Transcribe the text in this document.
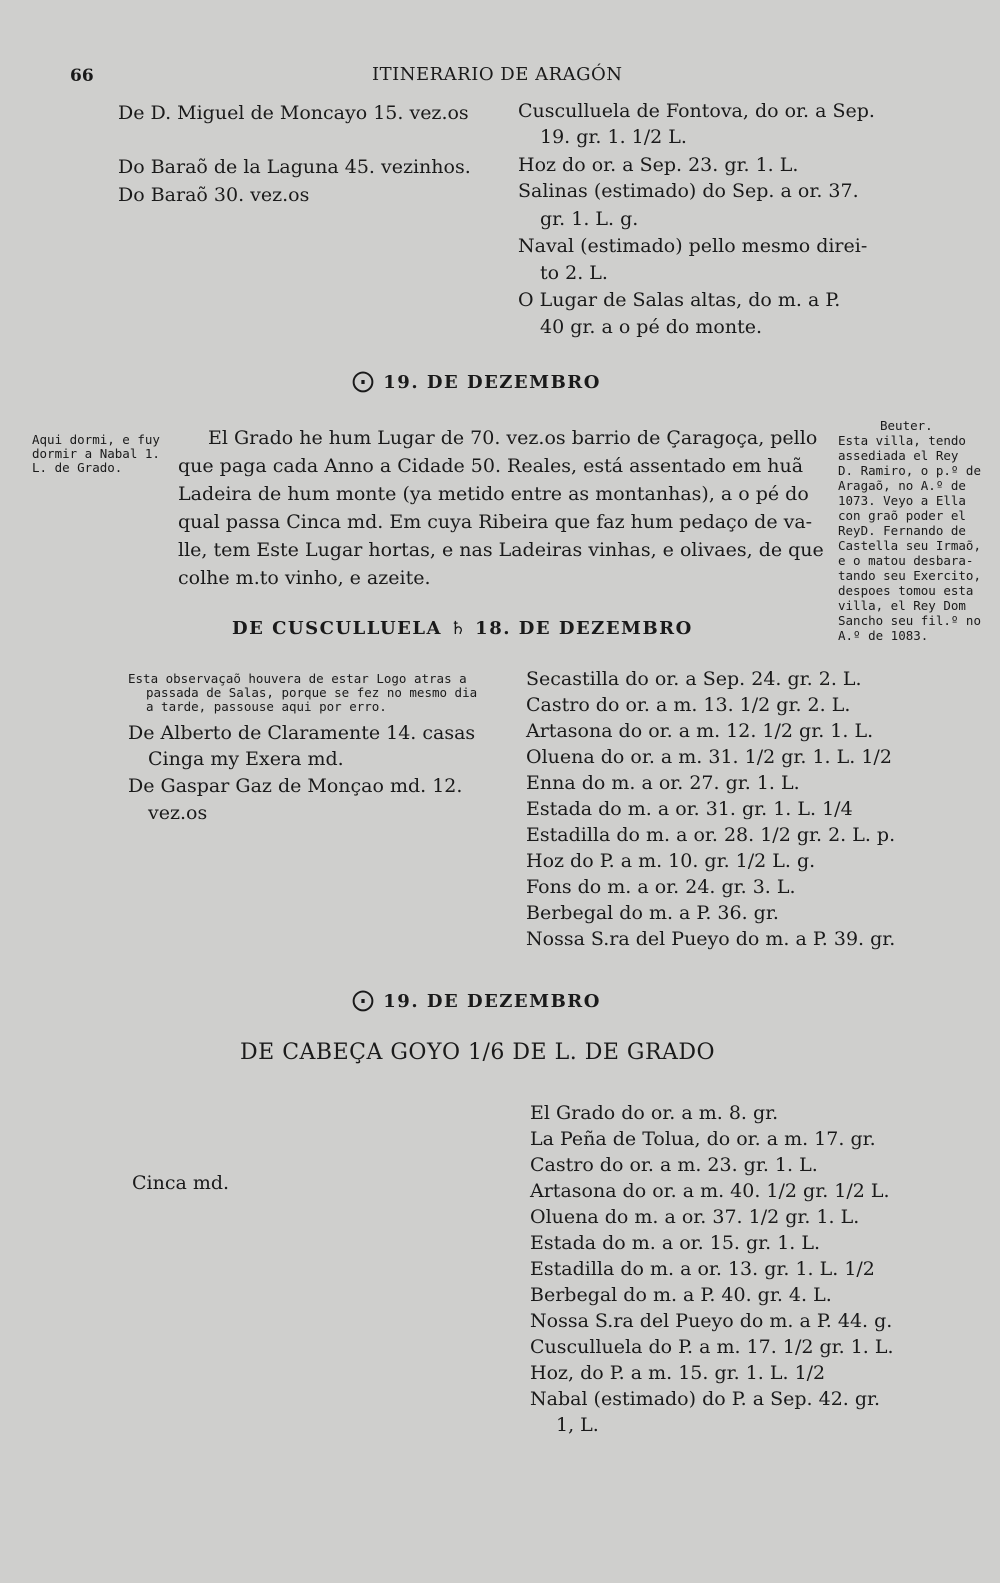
66	ITINERARIO DE ARAGÓN
De D. Miguel de Moncayo 15. vez.os
Do Baraõ de la Laguna 45. vezinhos.
Do Baraõ 30. vez.os
Cusculluela de Fontova, do or. a Sep.
19. gr. 1. 1/2 L.
Hoz do or. a Sep. 23. gr. 1. L.
Salinas (estimado) do Sep. a or. 37.
gr. 1. L. g.
Naval (estimado) pello mesmo direi-
to 2. L.
O Lugar de Salas altas, do m. a P.
40 gr. a o pé do monte.
⨀ 19. DE DEZEMBRO
Aqui dormi, e fuy
dormir a Nabal 1.
L. de Grado.
El Grado he hum Lugar de 70. vez.os barrio de Çaragoça, pello
que paga cada Anno a Cidade 50. Reales, está assentado em huã
Ladeira de hum monte (ya metido entre as montanhas), a o pé do
qual passa Cinca md. Em cuya Ribeira que faz hum pedaço de va-
lle, tem Este Lugar hortas, e nas Ladeiras vinhas, e olivaes, de que
colhe m.to vinho, e azeite.
Beuter.
Esta villa, tendo
assediada el Rey
D. Ramiro, o p.º de
Aragaõ, no A.º de
1073. Veyo a Ella
con graõ poder el
ReyD. Fernando de
Castella seu Irmaõ,
e o matou desbara-
tando seu Exercito,
despoes tomou esta
villa, el Rey Dom
Sancho seu fil.º no
A.º de 1083.
DE CUSCULLUELA ♄ 18. DE DEZEMBRO
Esta observaçaõ houvera de estar Logo atras a
passada de Salas, porque se fez no mesmo dia
a tarde, passouse aqui por erro.
De Alberto de Claramente 14. casas
Cinga my Exera md.
De Gaspar Gaz de Monçao md. 12.
vez.os
Secastilla do or. a Sep. 24. gr. 2. L.
Castro do or. a m. 13. 1/2 gr. 2. L.
Artasona do or. a m. 12. 1/2 gr. 1. L.
Oluena do or. a m. 31. 1/2 gr. 1. L. 1/2
Enna do m. a or. 27. gr. 1. L.
Estada do m. a or. 31. gr. 1. L. 1/4
Estadilla do m. a or. 28. 1/2 gr. 2. L. p.
Hoz do P. a m. 10. gr. 1/2 L. g.
Fons do m. a or. 24. gr. 3. L.
Berbegal do m. a P. 36. gr.
Nossa S.ra del Pueyo do m. a P. 39. gr.
⨀ 19. DE DEZEMBRO
DE CABEÇA GOYO 1/6 DE L. DE GRADO
Cinca md.
El Grado do or. a m. 8. gr.
La Peña de Tolua, do or. a m. 17. gr.
Castro do or. a m. 23. gr. 1. L.
Artasona do or. a m. 40. 1/2 gr. 1/2 L.
Oluena do m. a or. 37. 1/2 gr. 1. L.
Estada do m. a or. 15. gr. 1. L.
Estadilla do m. a or. 13. gr. 1. L. 1/2
Berbegal do m. a P. 40. gr. 4. L.
Nossa S.ra del Pueyo do m. a P. 44. g.
Cusculluela do P. a m. 17. 1/2 gr. 1. L.
Hoz, do P. a m. 15. gr. 1. L. 1/2
Nabal (estimado) do P. a Sep. 42. gr.
1, L.
